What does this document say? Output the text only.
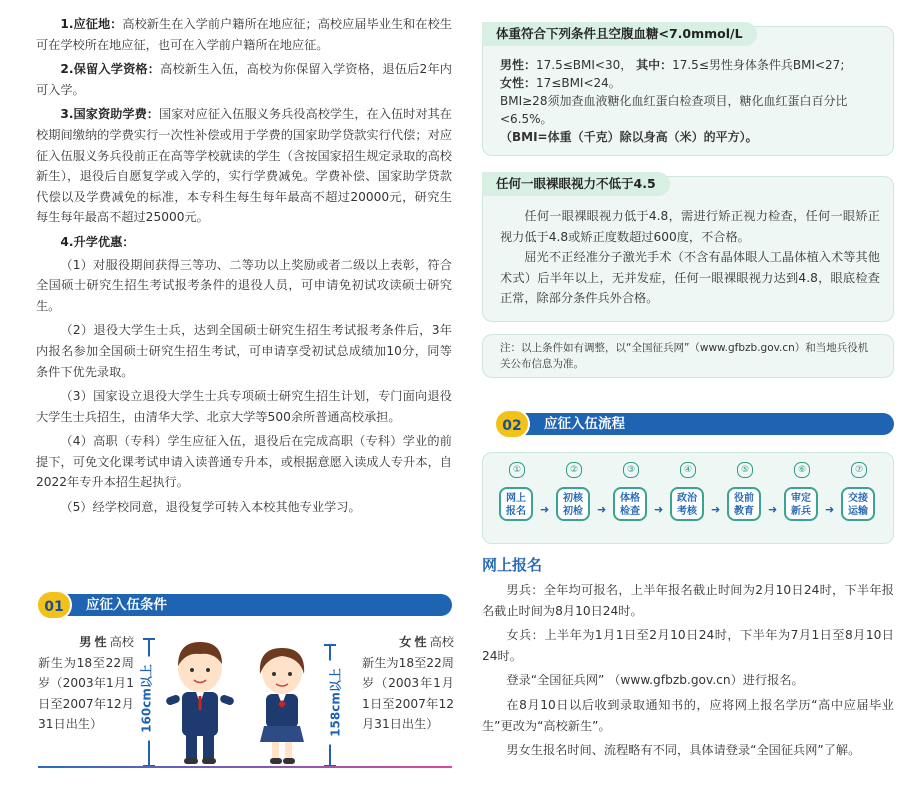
1.应征地：高校新生在入学前户籍所在地应征；高校应届毕业生和在校生可在学校所在地应征，也可在入学前户籍所在地应征。

2.保留入学资格：高校新生入伍，高校为你保留入学资格，退伍后2年内可入学。

3.国家资助学费：国家对应征入伍服义务兵役高校学生，在入伍时对其在校期间缴纳的学费实行一次性补偿或用于学费的国家助学贷款实行代偿；对应征入伍服义务兵役前正在高等学校就读的学生（含按国家招生规定录取的高校新生），退役后自愿复学或入学的，实行学费减免。学费补偿、国家助学贷款代偿以及学费减免的标准，本专科生每生每年最高不超过20000元，研究生每生每年最高不超过25000元。

4.升学优惠：

（1）对服役期间获得三等功、二等功以上奖励或者二级以上表彰，符合全国硕士研究生招生考试报考条件的退役人员，可申请免初试攻读硕士研究生。

（2）退役大学生士兵，达到全国硕士研究生招生考试报考条件后，3年内报名参加全国硕士研究生招生考试，可申请享受初试总成绩加10分，同等条件下优先录取。

（3）国家设立退役大学生士兵专项硕士研究生招生计划，专门面向退役大学生士兵招生，由清华大学、北京大学等500余所普通高校承担。

（4）高职（专科）学生应征入伍，退役后在完成高职（专科）学业的前提下，可免文化课考试申请入读普通专升本，或根据意愿入读成人专升本，自2022年专升本招生起执行。

（5）经学校同意，退役复学可转入本校其他专业学习。

01	应征入伍条件
男性高校
新生为18至22周岁（2003年1月1日至2007年12月31日出生）	160cm以上	158cm以上
女性高校
新生为18至22周岁（2003年1月1日至2007年12月31日出生）
体重符合下列条件且空腹血糖<7.0mmol/L
男性：17.5≤BMI<30， 其中：17.5≤男性身体条件兵BMI<27;
女性：17≤BMI<24。
BMI≥28须加查血液糖化血红蛋白检查项目，糖化血红蛋白百分比<6.5%。
（BMI=体重（千克）除以身高（米）的平方）。
任何一眼裸眼视力不低于4.5
任何一眼裸眼视力低于4.8，需进行矫正视力检查，任何一眼矫正视力低于4.8或矫正度数超过600度，不合格。
屈光不正经准分子激光手术（不含有晶体眼人工晶体植入术等其他术式）后半年以上，无并发症，任何一眼裸眼视力达到4.8，眼底检查正常，除部分条件兵外合格。
注：以上条件如有调整，以“全国征兵网”（www.gfbzb.gov.cn）和当地兵役机关公布信息为准。
02	应征入伍流程
①
网上
报名	➜
②
初核
初检	➜
③
体格
检查	➜
④
政治
考核	➜
⑤
役前
教育	➜
⑥
审定
新兵	➜
⑦
交接
运输
网上报名

男兵：全年均可报名，上半年报名截止时间为2月10日24时，下半年报名截止时间为8月10日24时。

女兵：上半年为1月1日至2月10日24时，下半年为7月1日至8月10日24时。

登录“全国征兵网” （www.gfbzb.gov.cn）进行报名。

在8月10日以后收到录取通知书的，应将网上报名学历“高中应届毕业生”更改为“高校新生”。

男女生报名时间、流程略有不同，具体请登录“全国征兵网”了解。
